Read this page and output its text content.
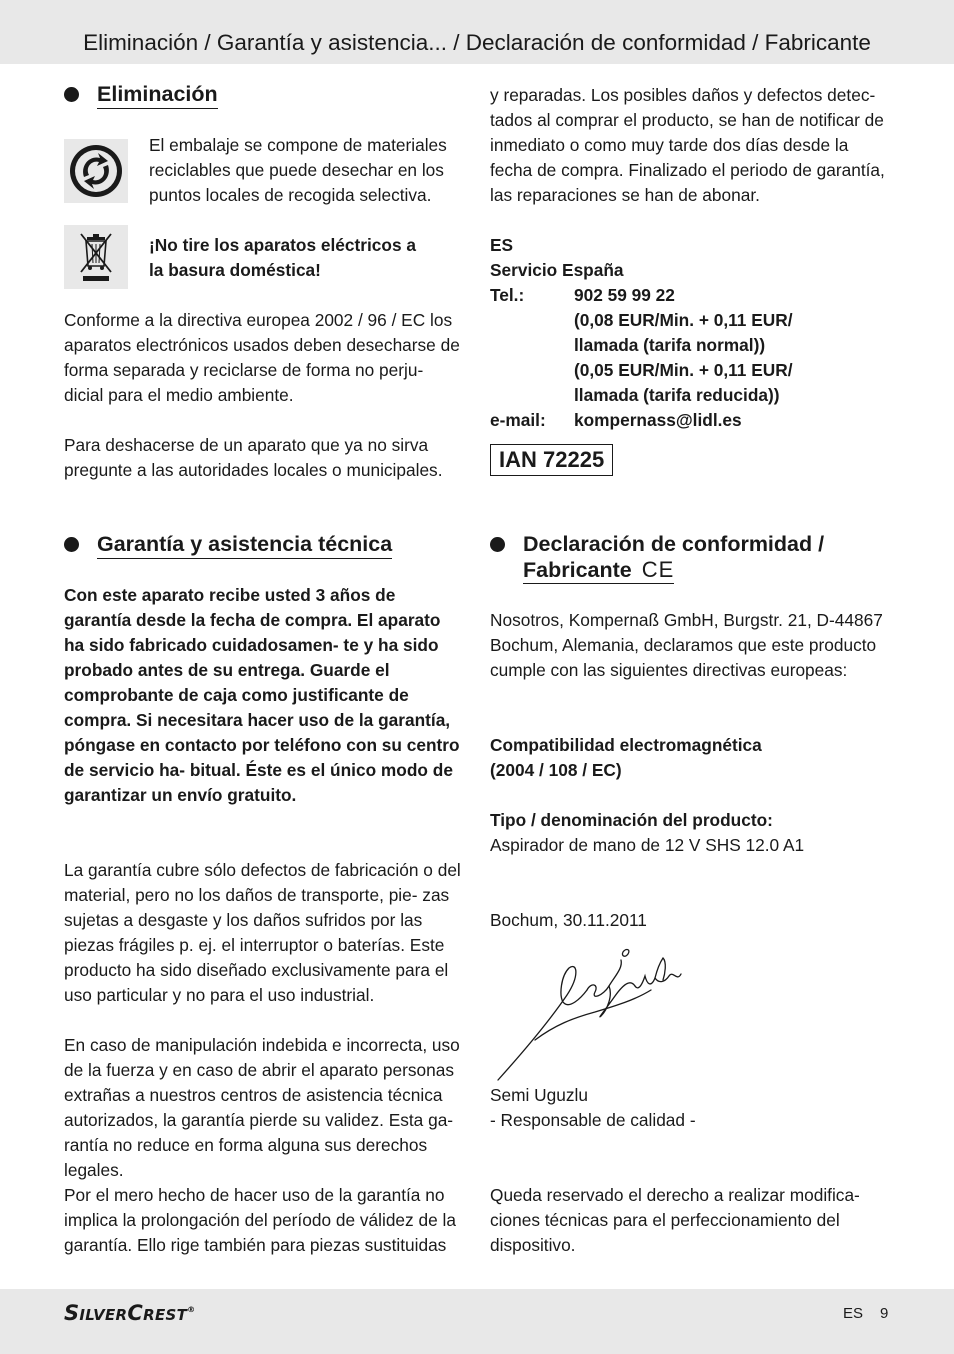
Eliminación / Garantía y asistencia... / Declaración de conformidad / Fabricante
Eliminación

El embalaje se compone de materiales reciclables que puede desechar en los puntos locales de recogida selectiva.

¡No tire los aparatos eléctricos a
la basura doméstica!

Conforme a la directiva europea 2002 / 96 / EC los aparatos electrónicos usados deben desecharse de forma separada y reciclarse de forma no perju- dicial para el medio ambiente.

Para deshacerse de un aparato que ya no sirva pregunte a las autoridades locales o municipales.

Garantía y asistencia técnica

Con este aparato recibe usted 3 años de garantía desde la fecha de compra. El aparato ha sido fabricado cuidadosamen- te y ha sido probado antes de su entrega. Guarde el comprobante de caja como justificante de compra. Si necesitara hacer uso de la garantía, póngase en contacto por teléfono con su centro de servicio ha- bitual. Éste es el único modo de garantizar un envío gratuito.

La garantía cubre sólo defectos de fabricación o del material, pero no los daños de transporte, pie- zas sujetas a desgaste y los daños sufridos por las piezas frágiles p. ej. el interruptor o baterías. Este producto ha sido diseñado exclusivamente para el uso particular y no para el uso industrial.

En caso de manipulación indebida e incorrecta, uso de la fuerza y en caso de abrir el aparato personas extrañas a nuestros centros de asistencia técnica autorizados, la garantía pierde su validez. Esta ga- rantía no reduce en forma alguna sus derechos legales.

Por el mero hecho de hacer uso de la garantía no implica la prolongación del período de válidez de la garantía. Ello rige también para piezas sustituidas

y reparadas. Los posibles daños y defectos detec- tados al comprar el producto, se han de notificar de inmediato o como muy tarde dos días desde la fecha de compra. Finalizado el periodo de garantía, las reparaciones se han de abonar.

ES
Servicio España
Tel.:	902 59 99 22
(0,08 EUR/Min. + 0,11 EUR/
llamada (tarifa normal))
(0,05 EUR/Min. + 0,11 EUR/
llamada (tarifa reducida))
e-mail: kompernass@lidl.es
IAN 72225
Declaración de conformidad /
Fabricante CE

Nosotros, Kompernaß GmbH, Burgstr. 21, D-44867 Bochum, Alemania, declaramos que este producto cumple con las siguientes directivas europeas:

Compatibilidad electromagnética
(2004 / 108 / EC)

Tipo / denominación del producto:
Aspirador de mano de 12 V SHS 12.0 A1

Bochum, 30.11.2011

Semi Uguzlu
- Responsable de calidad -

Queda reservado el derecho a realizar modifica- ciones técnicas para el perfeccionamiento del dispositivo.

SilverCrest®	ES 9
